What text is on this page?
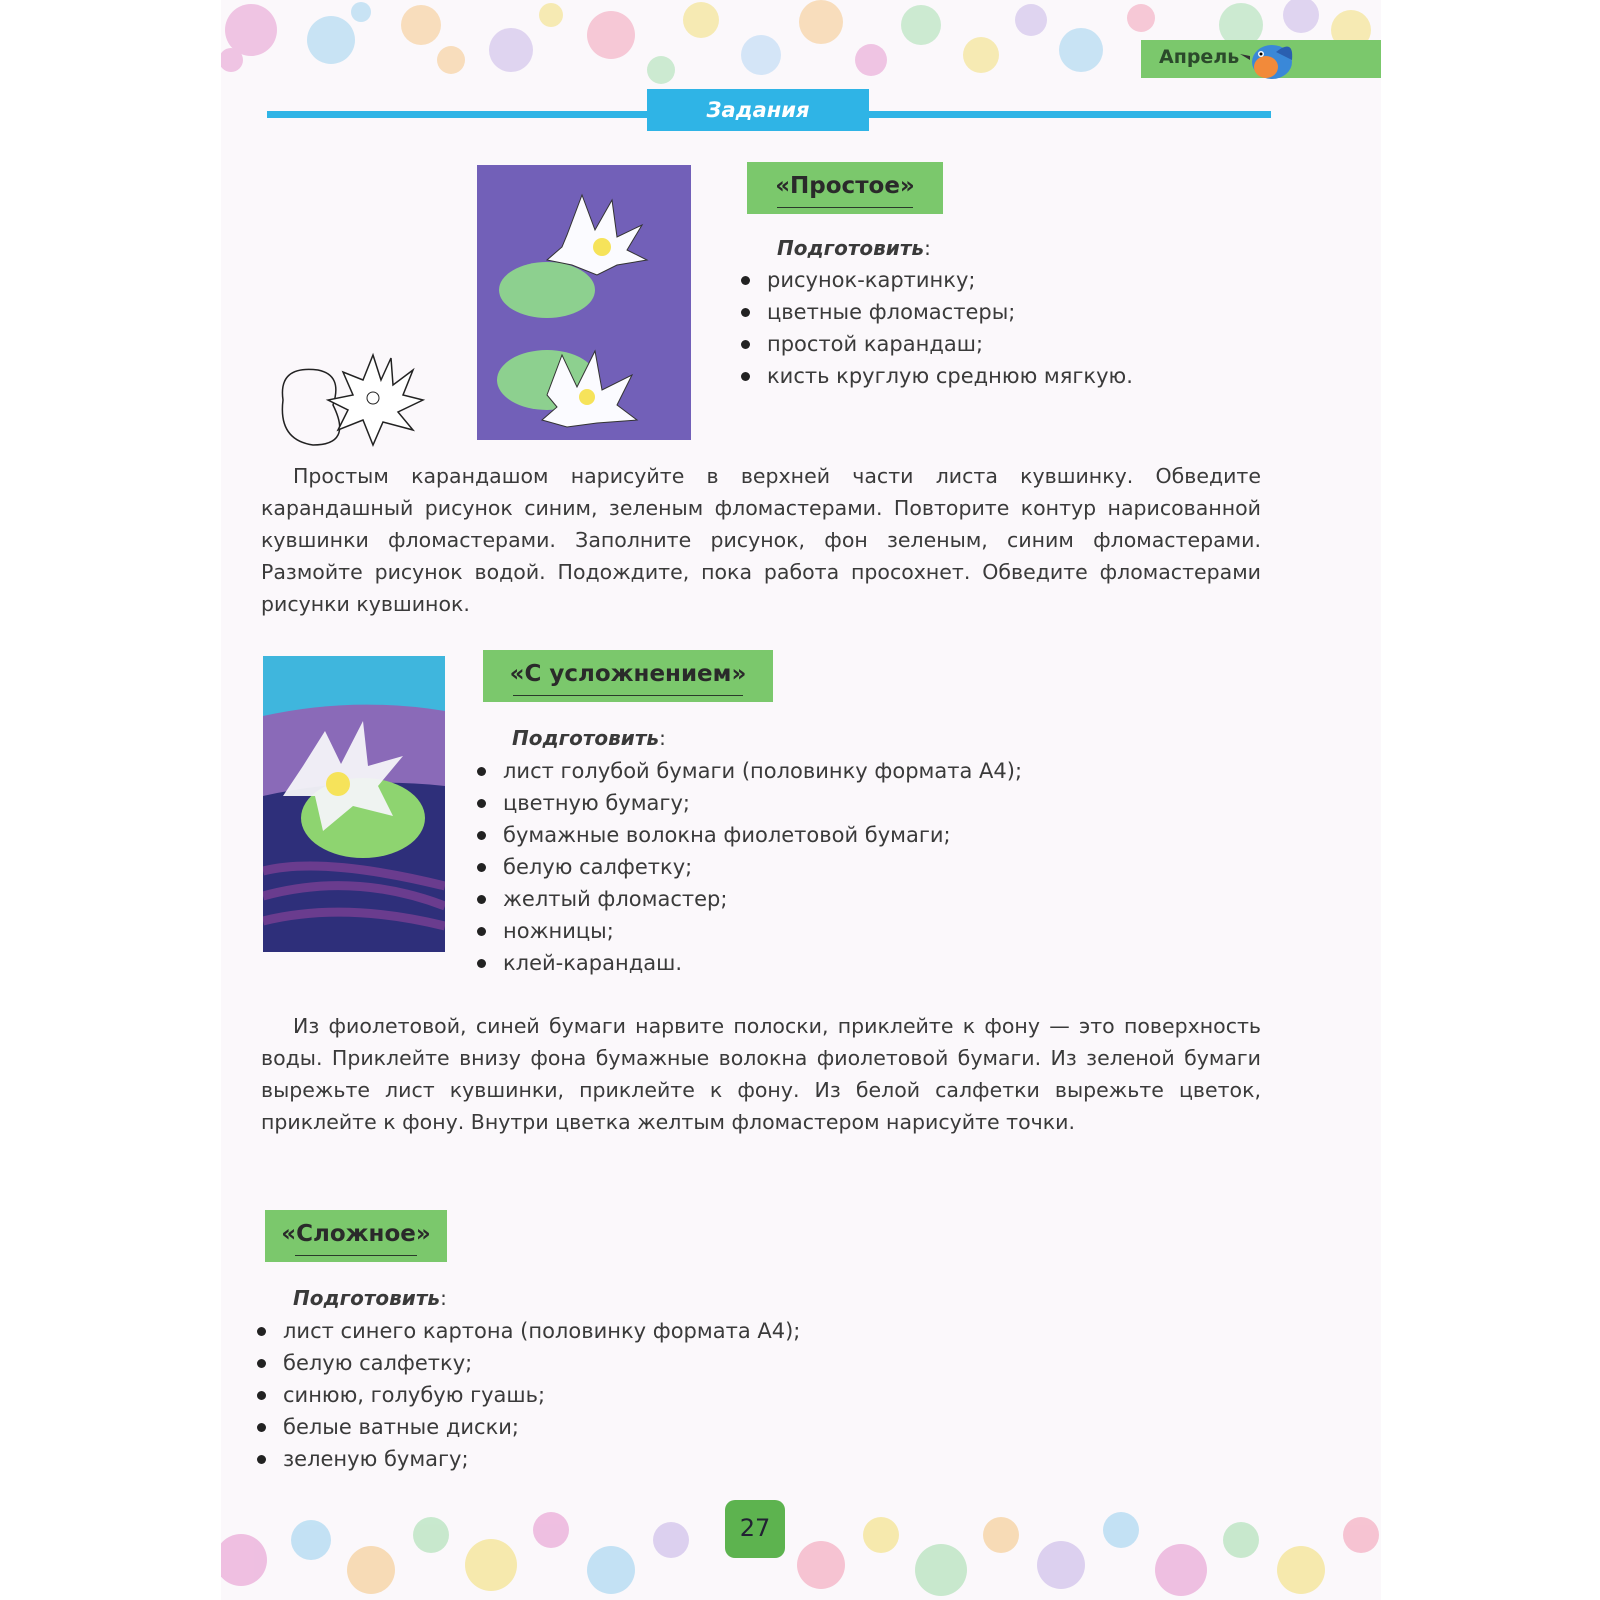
Апрель
Задания
«Простое»
Подготовить:
рисунок-картинку;
цветные фломастеры;
простой карандаш;
кисть круглую среднюю мягкую.

Простым карандашом нарисуйте в верхней части листа кувшинку. Обведите карандашный рисунок синим, зеленым фломастерами. Повторите контур нарисованной кувшинки фломастерами. Заполните рисунок, фон зеленым, синим фломастерами. Размойте рисунок водой. Подождите, пока работа просохнет. Обведите фломастерами рисунки кувшинок.

«С усложнением»
Подготовить:
лист голубой бумаги (половинку формата А4);
цветную бумагу;
бумажные волокна фиолетовой бумаги;
белую салфетку;
желтый фломастер;
ножницы;
клей-карандаш.

Из фиолетовой, синей бумаги нарвите полоски, приклейте к фону — это поверхность воды. Приклейте внизу фона бумажные волокна фиолетовой бумаги. Из зеленой бумаги вырежьте лист кувшинки, приклейте к фону. Из белой салфетки вырежьте цветок, приклейте к фону. Внутри цветка желтым фломастером нарисуйте точки.

«Сложное»
Подготовить:
лист синего картона (половинку формата А4);
белую салфетку;
синюю, голубую гуашь;
белые ватные диски;
зеленую бумагу;
27
